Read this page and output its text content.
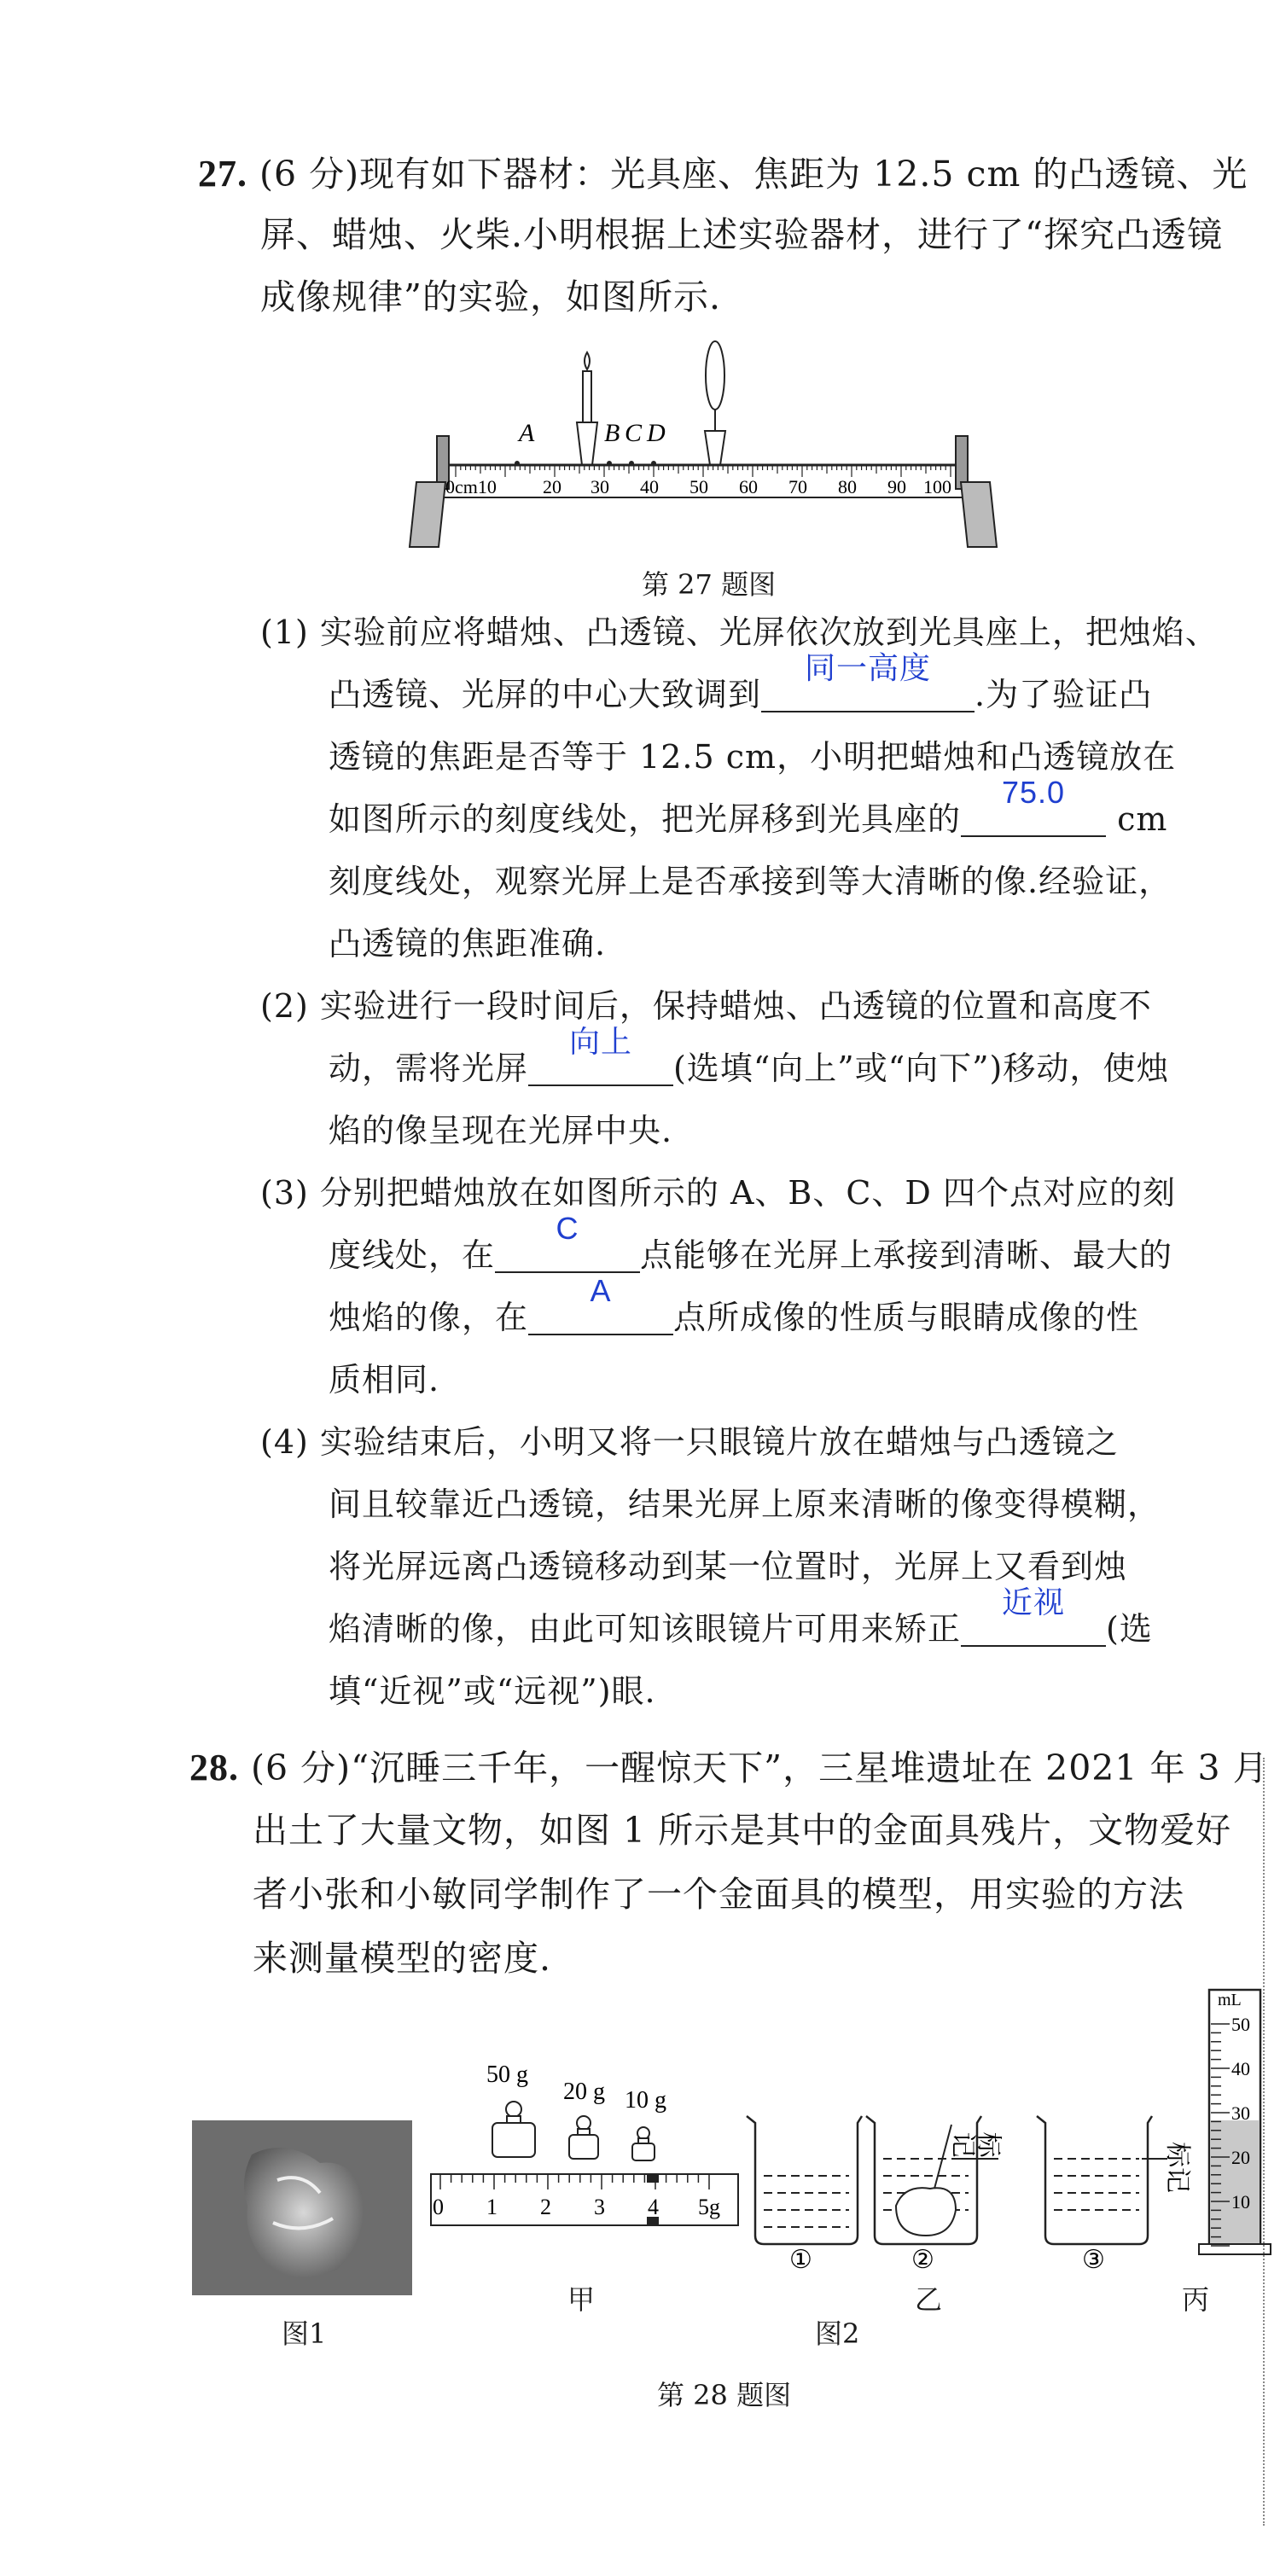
27. (6 分)现有如下器材：光具座、焦距为 12.5 cm 的凸透镜、光
屏、蜡烛、火柴.小明根据上述实验器材，进行了“探究凸透镜
成像规律”的实验，如图所示.
A	B C D
0cm10 20 30 40 50 60 70 80 90 100
第 27 题图
(1) 实验前应将蜡烛、凸透镜、光屏依次放到光具座上，把烛焰、
凸透镜、光屏的中心大致调到
同一高度
.为了验证凸
透镜的焦距是否等于 12.5 cm，小明把蜡烛和凸透镜放在
如图所示的刻度线处，把光屏移到光具座的
75.0
cm
刻度线处，观察光屏上是否承接到等大清晰的像.经验证，
凸透镜的焦距准确.
(2) 实验进行一段时间后，保持蜡烛、凸透镜的位置和高度不
动，需将光屏
向上
(选填“向上”或“向下”)移动，使烛
焰的像呈现在光屏中央.
(3) 分别把蜡烛放在如图所示的 A、B、C、D 四个点对应的刻
度线处，在
C
点能够在光屏上承接到清晰、最大的
烛焰的像，在
A
点所成像的性质与眼睛成像的性
质相同.
(4) 实验结束后，小明又将一只眼镜片放在蜡烛与凸透镜之
间且较靠近凸透镜，结果光屏上原来清晰的像变得模糊，
将光屏远离凸透镜移动到某一位置时，光屏上又看到烛
焰清晰的像，由此可知该眼镜片可用来矫正
近视
(选
填“近视”或“远视”)眼.
28. (6 分)“沉睡三千年，一醒惊天下”，三星堆遗址在 2021 年 3 月
出土了大量文物，如图 1 所示是其中的金面具残片，文物爱好
者小张和小敏同学制作了一个金面具的模型，用实验的方法
来测量模型的密度.
图1
50 g
20 g 10 g
0 1 2 3 4 5g
甲
标记	标记
①	②	③
图2
乙
mL
50
40
30
20
10
丙
第 28 题图
